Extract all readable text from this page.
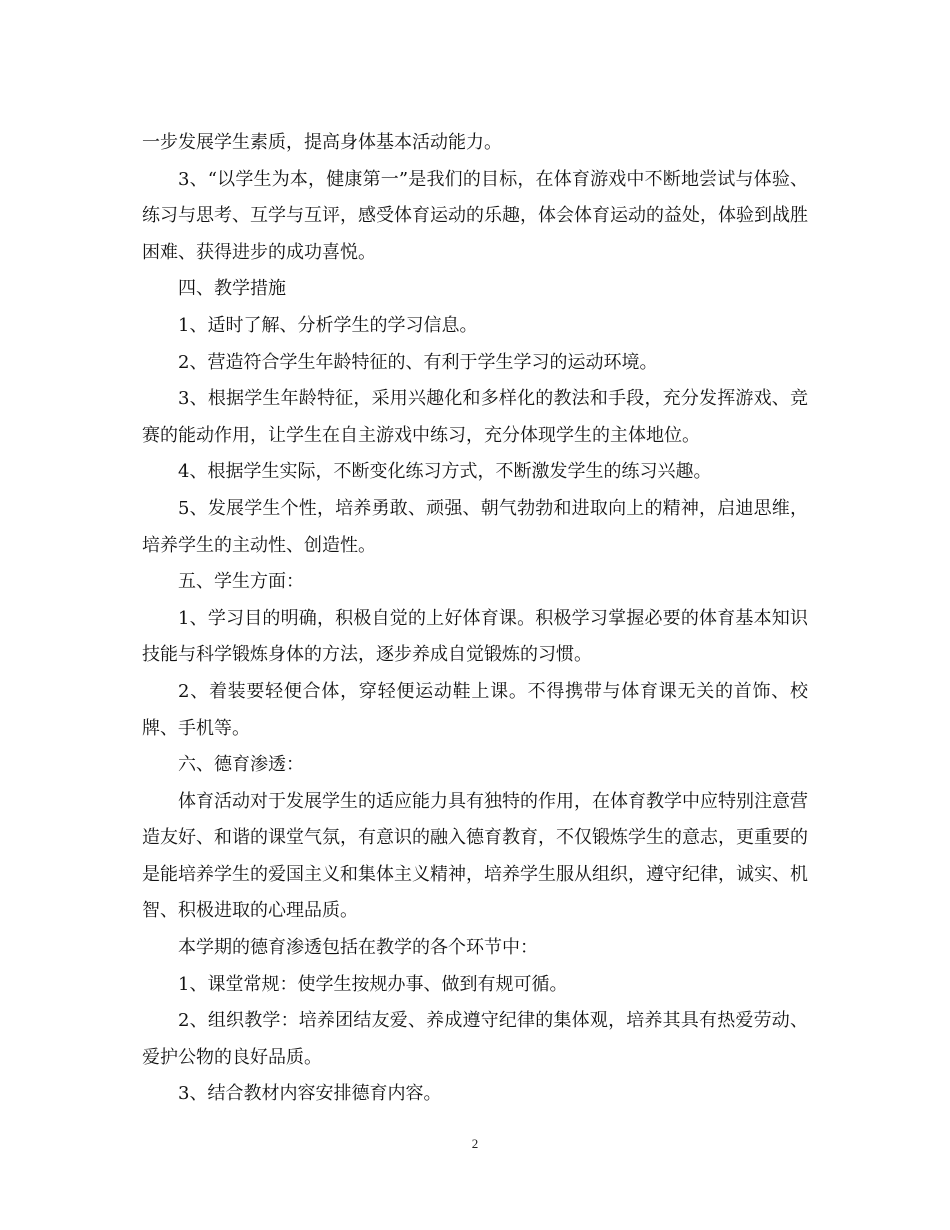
一步发展学生素质，提高身体基本活动能力。

3、“以学生为本，健康第一”是我们的目标，在体育游戏中不断地尝试与体验、练习与思考、互学与互评，感受体育运动的乐趣，体会体育运动的益处，体验到战胜困难、获得进步的成功喜悦。

四、教学措施

1、适时了解、分析学生的学习信息。

2、营造符合学生年龄特征的、有利于学生学习的运动环境。

3、根据学生年龄特征，采用兴趣化和多样化的教法和手段，充分发挥游戏、竞赛的能动作用，让学生在自主游戏中练习，充分体现学生的主体地位。

4、根据学生实际，不断变化练习方式，不断激发学生的练习兴趣。

5、发展学生个性，培养勇敢、顽强、朝气勃勃和进取向上的精神，启迪思维，培养学生的主动性、创造性。

五、学生方面：

1、学习目的明确，积极自觉的上好体育课。积极学习掌握必要的体育基本知识技能与科学锻炼身体的方法，逐步养成自觉锻炼的习惯。

2、着装要轻便合体，穿轻便运动鞋上课。不得携带与体育课无关的首饰、校牌、手机等。

六、德育渗透：

体育活动对于发展学生的适应能力具有独特的作用，在体育教学中应特别注意营造友好、和谐的课堂气氛，有意识的融入德育教育，不仅锻炼学生的意志，更重要的是能培养学生的爱国主义和集体主义精神，培养学生服从组织，遵守纪律，诚实、机智、积极进取的心理品质。

本学期的德育渗透包括在教学的各个环节中：

1、课堂常规：使学生按规办事、做到有规可循。

2、组织教学：培养团结友爱、养成遵守纪律的集体观，培养其具有热爱劳动、爱护公物的良好品质。

3、结合教材内容安排德育内容。

2
